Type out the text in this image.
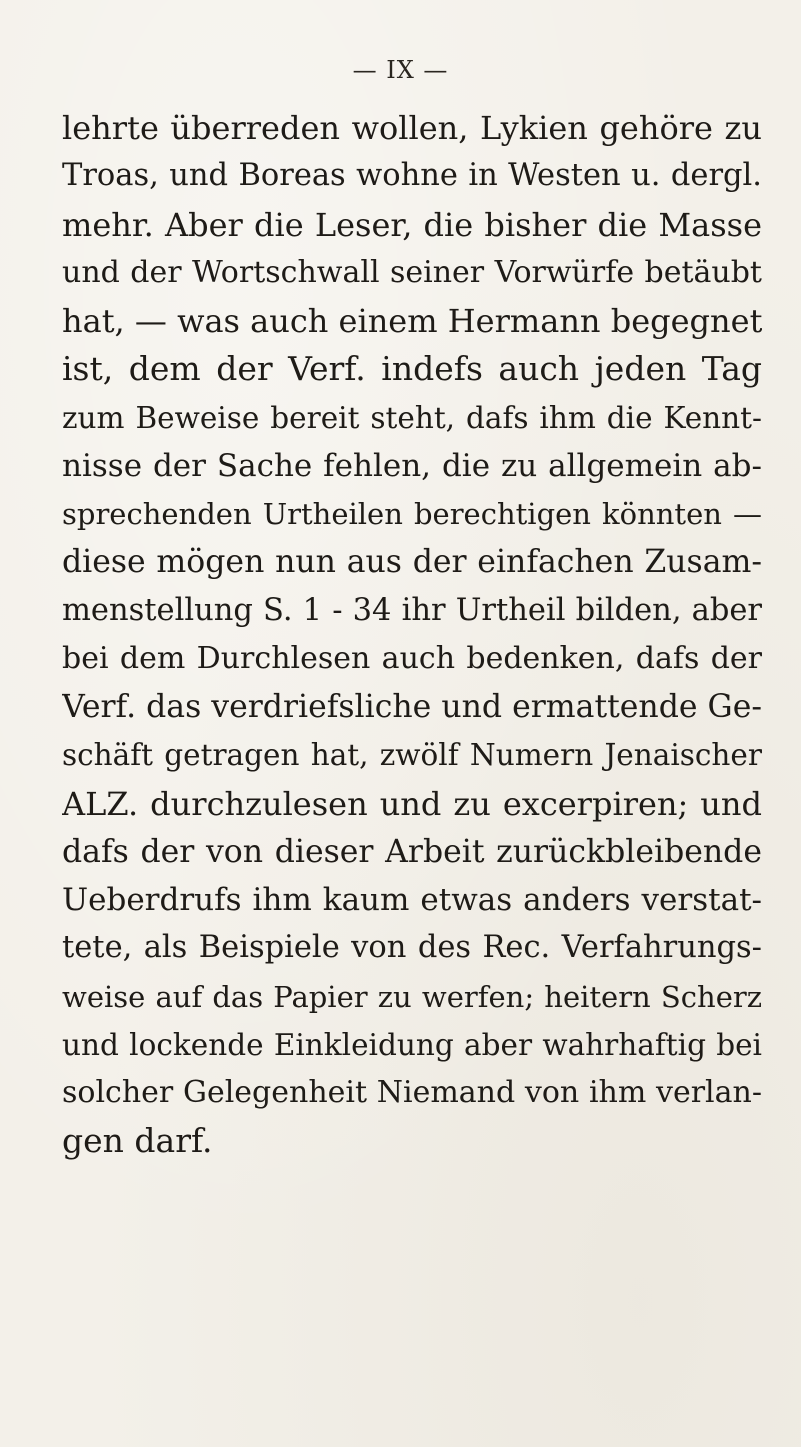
— IX —
lehrte überreden wollen, Lykien gehöre zu
Troas, und Boreas wohne in Westen u. dergl.
mehr. Aber die Leser, die bisher die Masse
und der Wortschwall seiner Vorwürfe betäubt
hat, — was auch einem Hermann begegnet
ist, dem der Verf. indefs auch jeden Tag
zum Beweise bereit steht, dafs ihm die Kennt-
nisse der Sache fehlen, die zu allgemein ab-
sprechenden Urtheilen berechtigen könnten —
diese mögen nun aus der einfachen Zusam-
menstellung S. 1 - 34 ihr Urtheil bilden, aber
bei dem Durchlesen auch bedenken, dafs der
Verf. das verdriefsliche und ermattende Ge-
schäft getragen hat, zwölf Numern Jenaischer
ALZ. durchzulesen und zu excerpiren; und
dafs der von dieser Arbeit zurückbleibende
Ueberdrufs ihm kaum etwas anders verstat-
tete, als Beispiele von des Rec. Verfahrungs-
weise auf das Papier zu werfen; heitern Scherz
und lockende Einkleidung aber wahrhaftig bei
solcher Gelegenheit Niemand von ihm verlan-
gen darf.
